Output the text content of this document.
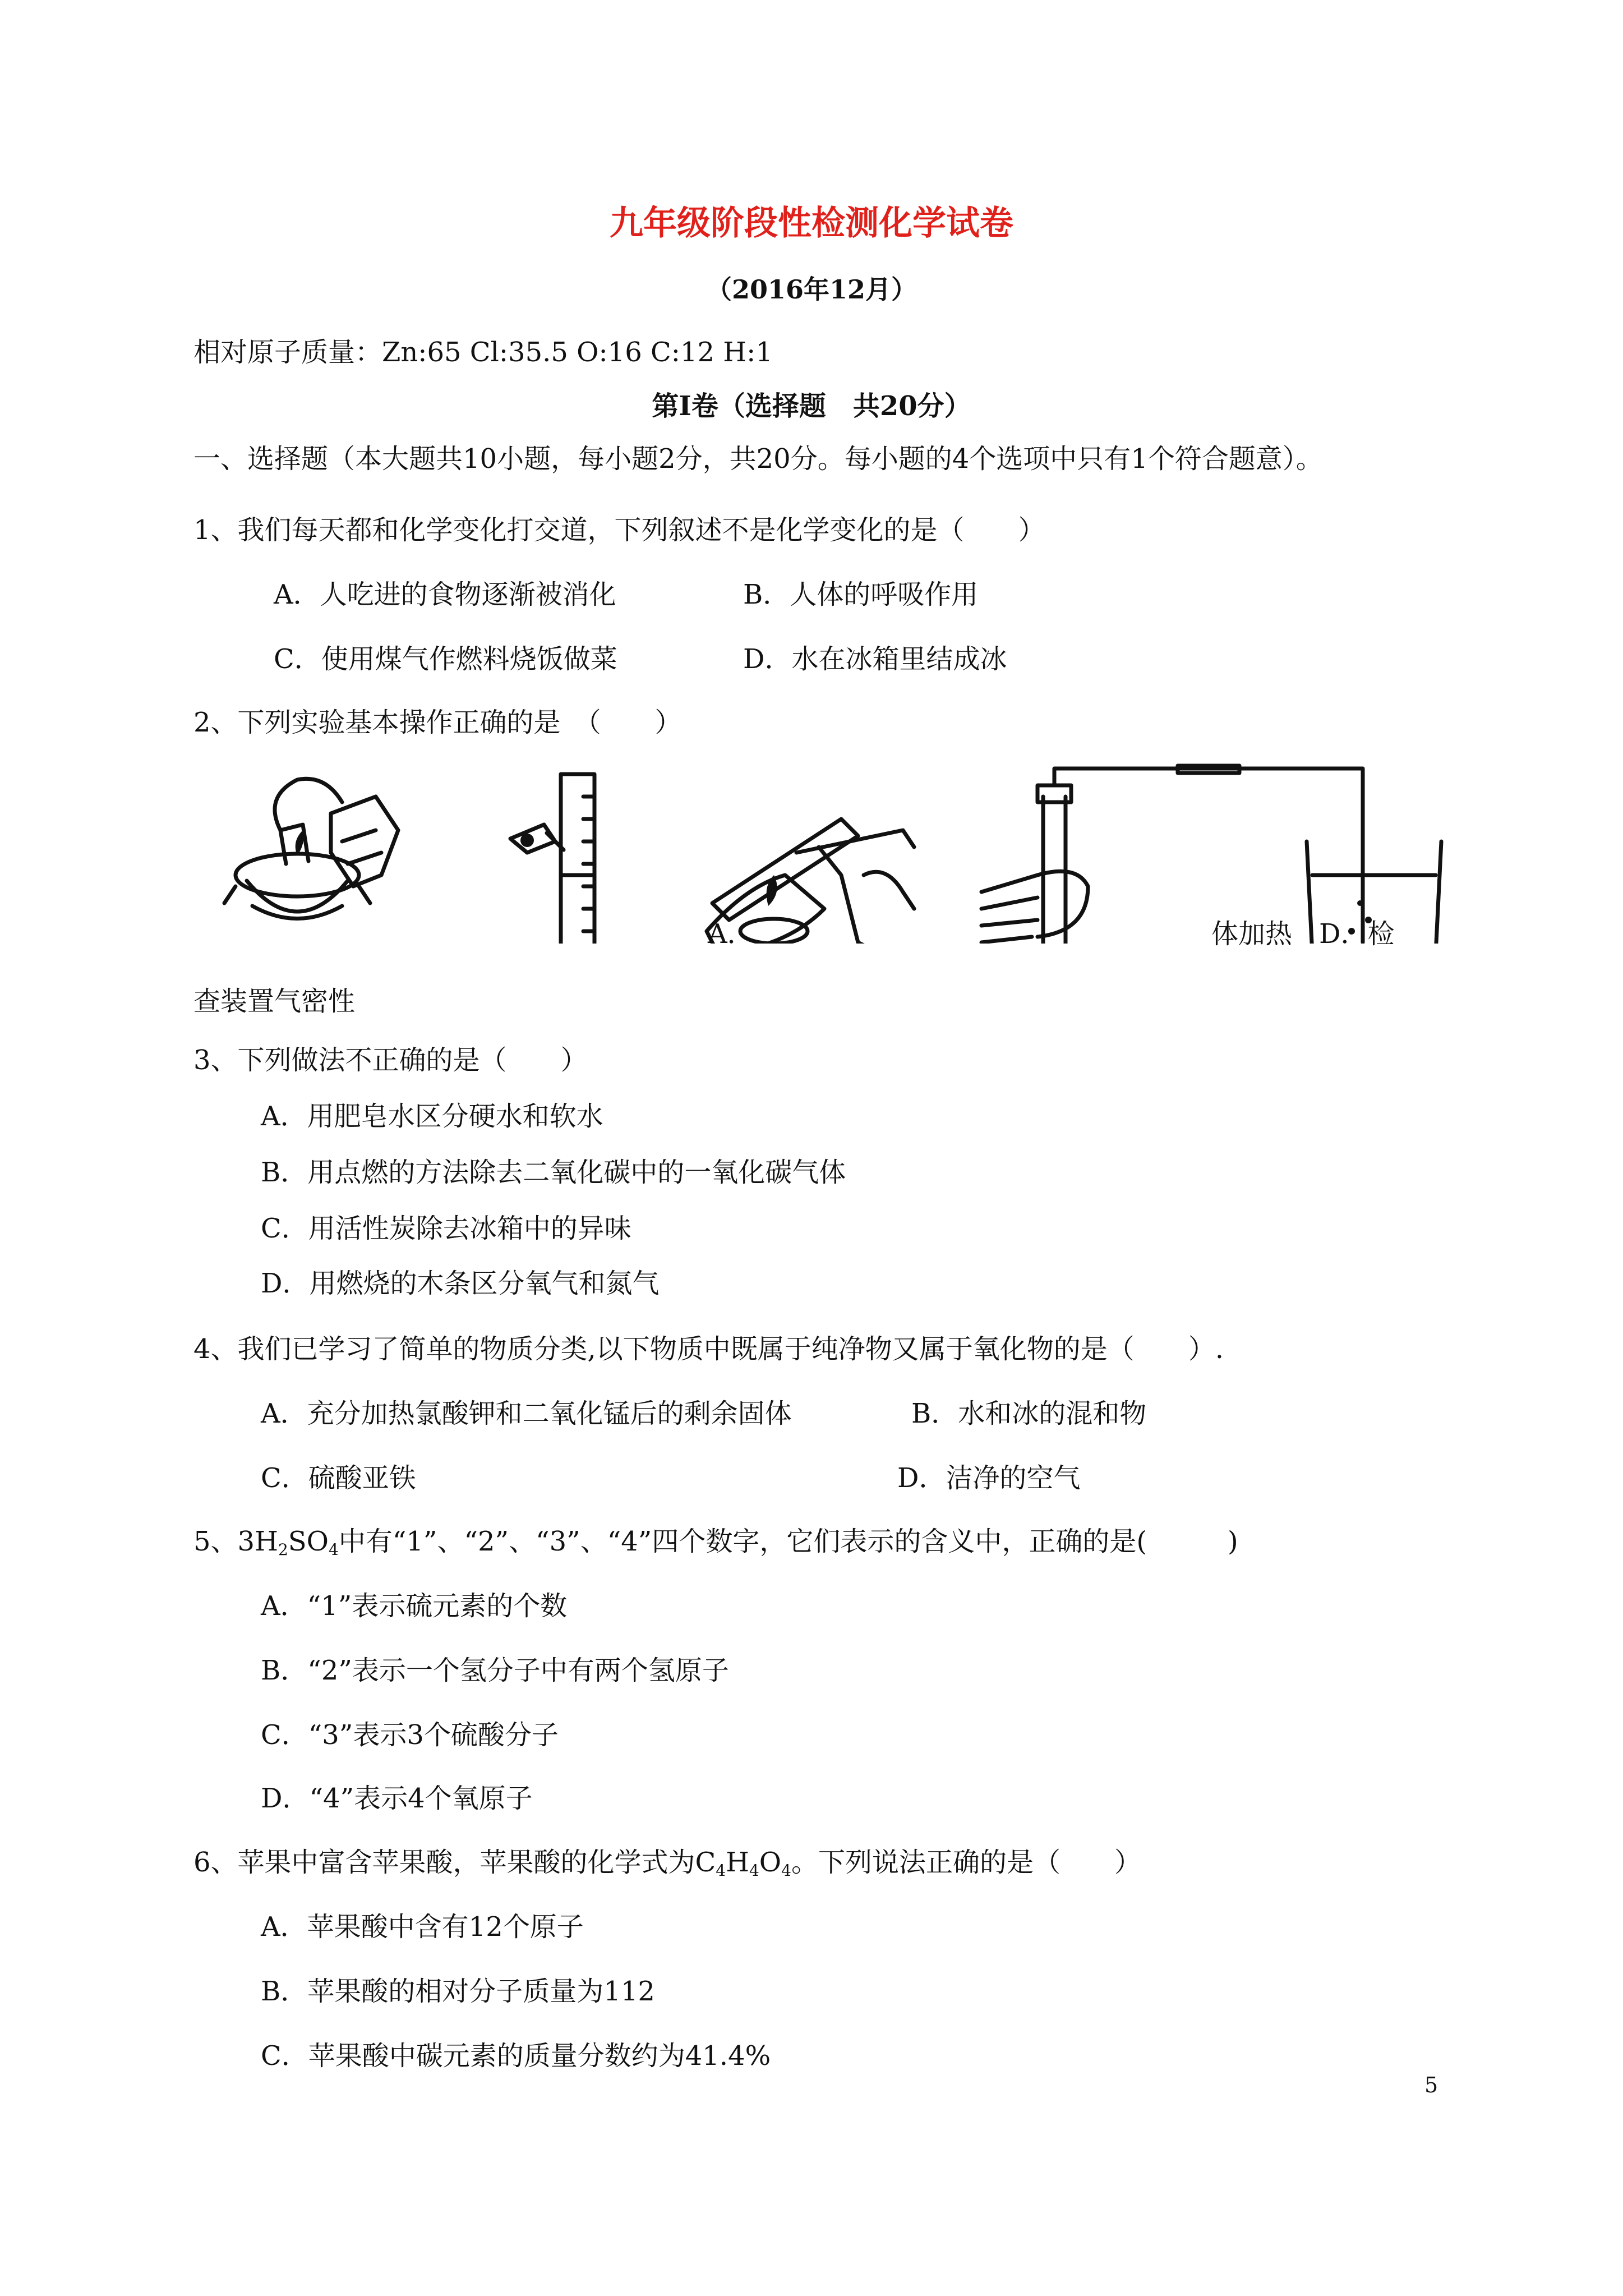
九年级阶段性检测化学试卷
（2016年12月）
相对原子质量：Zn:65 Cl:35.5 O:16 C:12 H:1
第Ⅰ卷（选择题　共20分）
一、选择题（本大题共10小题，每小题2分，共20分。每小题的4个选项中只有1个符合题意）。
1、我们每天都和化学变化打交道，下列叙述不是化学变化的是（　　）
A．人吃进的食物逐渐被消化	B．人体的呼吸作用
C．使用煤气作燃料烧饭做菜	D．水在冰箱里结成冰
2、下列实验基本操作正确的是　（　　）
A．	体加热　D．检
查装置气密性
3、下列做法不正确的是（　　）
A．用肥皂水区分硬水和软水
B．用点燃的方法除去二氧化碳中的一氧化碳气体
C．用活性炭除去冰箱中的异味
D．用燃烧的木条区分氧气和氮气
4、我们已学习了简单的物质分类,以下物质中既属于纯净物又属于氧化物的是（　　）.
A．充分加热氯酸钾和二氧化锰后的剩余固体	B．水和冰的混和物
C．硫酸亚铁	D．洁净的空气
5、$3H_2SO_4$中有“1”、“2”、“3”、“4”四个数字，它们表示的含义中，正确的是(　　　)
A．“1”表示硫元素的个数
B．“2”表示一个氢分子中有两个氢原子
C．“3”表示3个硫酸分子
D．“4”表示4个氧原子
6、苹果中富含苹果酸，苹果酸的化学式为$C_4H_4O_4$。下列说法正确的是（　　）
A．苹果酸中含有12个原子
B．苹果酸的相对分子质量为112
C．苹果酸中碳元素的质量分数约为41.4%
5
